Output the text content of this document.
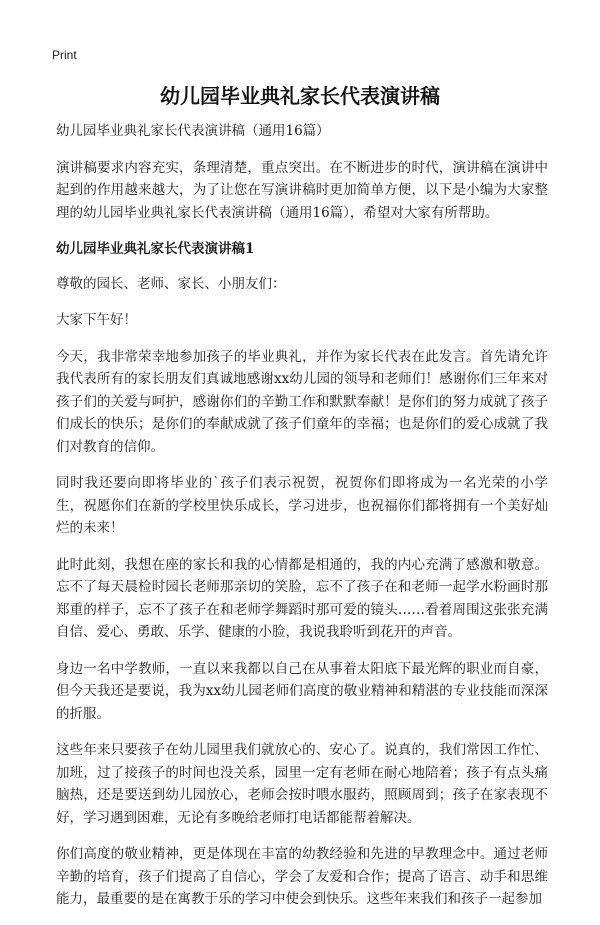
Print
幼儿园毕业典礼家长代表演讲稿

幼儿园毕业典礼家长代表演讲稿（通用16篇）

演讲稿要求内容充实，条理清楚，重点突出。在不断进步的时代，演讲稿在演讲中起到的作用越来越大，为了让您在写演讲稿时更加简单方便，以下是小编为大家整理的幼儿园毕业典礼家长代表演讲稿（通用16篇），希望对大家有所帮助。

幼儿园毕业典礼家长代表演讲稿1

尊敬的园长、老师、家长、小朋友们：

大家下午好！

今天，我非常荣幸地参加孩子的毕业典礼，并作为家长代表在此发言。首先请允许我代表所有的家长朋友们真诚地感谢xx幼儿园的领导和老师们！感谢你们三年来对孩子们的关爱与呵护，感谢你们的辛勤工作和默默奉献！是你们的努力成就了孩子们成长的快乐；是你们的奉献成就了孩子们童年的幸福；也是你们的爱心成就了我们对教育的信仰。

同时我还要向即将毕业的`孩子们表示祝贺，祝贺你们即将成为一名光荣的小学生，祝愿你们在新的学校里快乐成长，学习进步，也祝福你们都将拥有一个美好灿烂的未来！

此时此刻，我想在座的家长和我的心情都是相通的，我的内心充满了感激和敬意。忘不了每天晨检时园长老师那亲切的笑脸，忘不了孩子在和老师一起学水粉画时那郑重的样子，忘不了孩子在和老师学舞蹈时那可爱的镜头……看着周围这张张充满自信、爱心、勇敢、乐学、健康的小脸，我说我聆听到花开的声音。

身边一名中学教师，一直以来我都以自己在从事着太阳底下最光辉的职业而自豪，但今天我还是要说，我为xx幼儿园老师们高度的敬业精神和精湛的专业技能而深深的折服。

这些年来只要孩子在幼儿园里我们就放心的、安心了。说真的，我们常因工作忙、加班，过了接孩子的时间也没关系，园里一定有老师在耐心地陪着；孩子有点头痛脑热，还是要送到幼儿园放心，老师会按时喂水服药，照顾周到；孩子在家表现不好，学习遇到困难，无论有多晚给老师打电话都能帮着解决。

你们高度的敬业精神，更是体现在丰富的幼教经验和先进的早教理念中。通过老师辛勤的培育，孩子们提高了自信心，学会了友爱和合作；提高了语言、动手和思维能力，最重要的是在寓教于乐的学习中使会到快乐。这些年来我们和孩子一起参加
